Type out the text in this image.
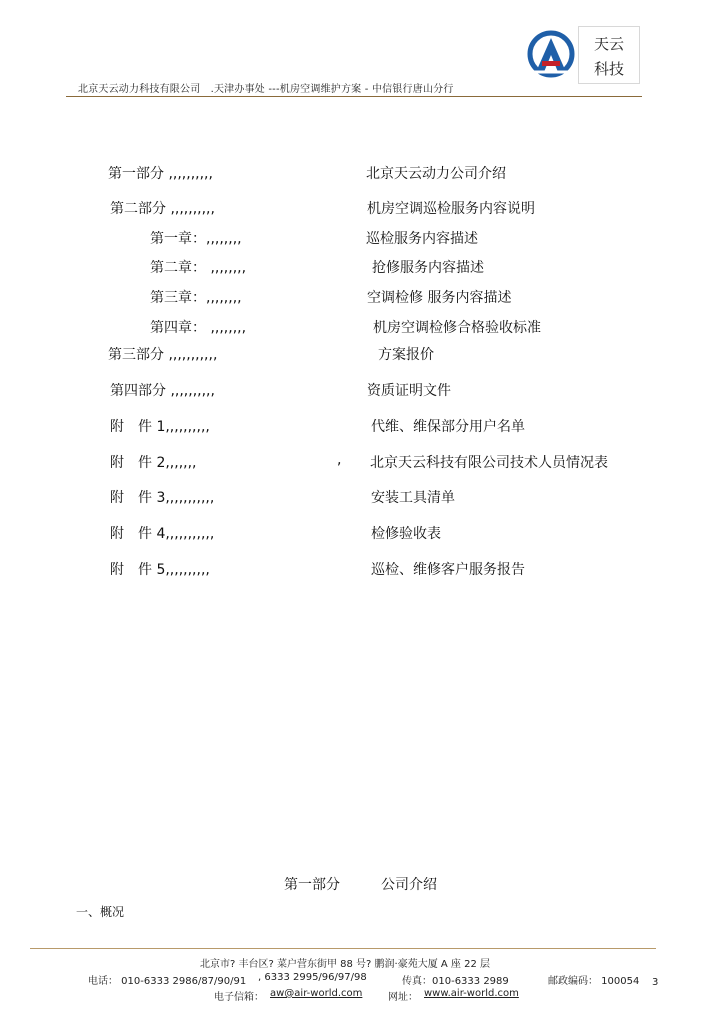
北京天云动力科技有限公司　.天津办事处 ---机房空调维护方案 - 中信银行唐山分行
天云
科技
第一部分 ,,,,,,,,,,	北京天云动力公司介绍
第二部分 ,,,,,,,,,,	机房空调巡检服务内容说明
第一章：,,,,,,,,	巡检服务内容描述
第二章： ,,,,,,,,	抢修服务内容描述
第三章：,,,,,,,,	空调检修 服务内容描述
第四章： ,,,,,,,,	机房空调检修合格验收标准
第三部分 ,,,,,,,,,,,	方案报价
第四部分 ,,,,,,,,,,	资质证明文件
附　件 1,,,,,,,,,,	代维、维保部分用户名单
附　件 2,,,,,,,	, 北京天云科技有限公司技术人员情况表
附　件 3,,,,,,,,,,,	安装工具清单
附　件 4,,,,,,,,,,,	检修验收表
附　件 5,,,,,,,,,,	巡检、维修客户服务报告
第一部分	公司介绍
一、概况
北京市? 丰台区? 菜户营东街甲 88 号? 鹏润·豪苑大厦 A 座 22 层
电话： 010-6333 2986/87/90/91 , 6333 2995/96/97/98	传真：010-6333 2989	邮政编码： 100054 3
电子信箱： aw@air-world.com	网址： www.air-world.com
